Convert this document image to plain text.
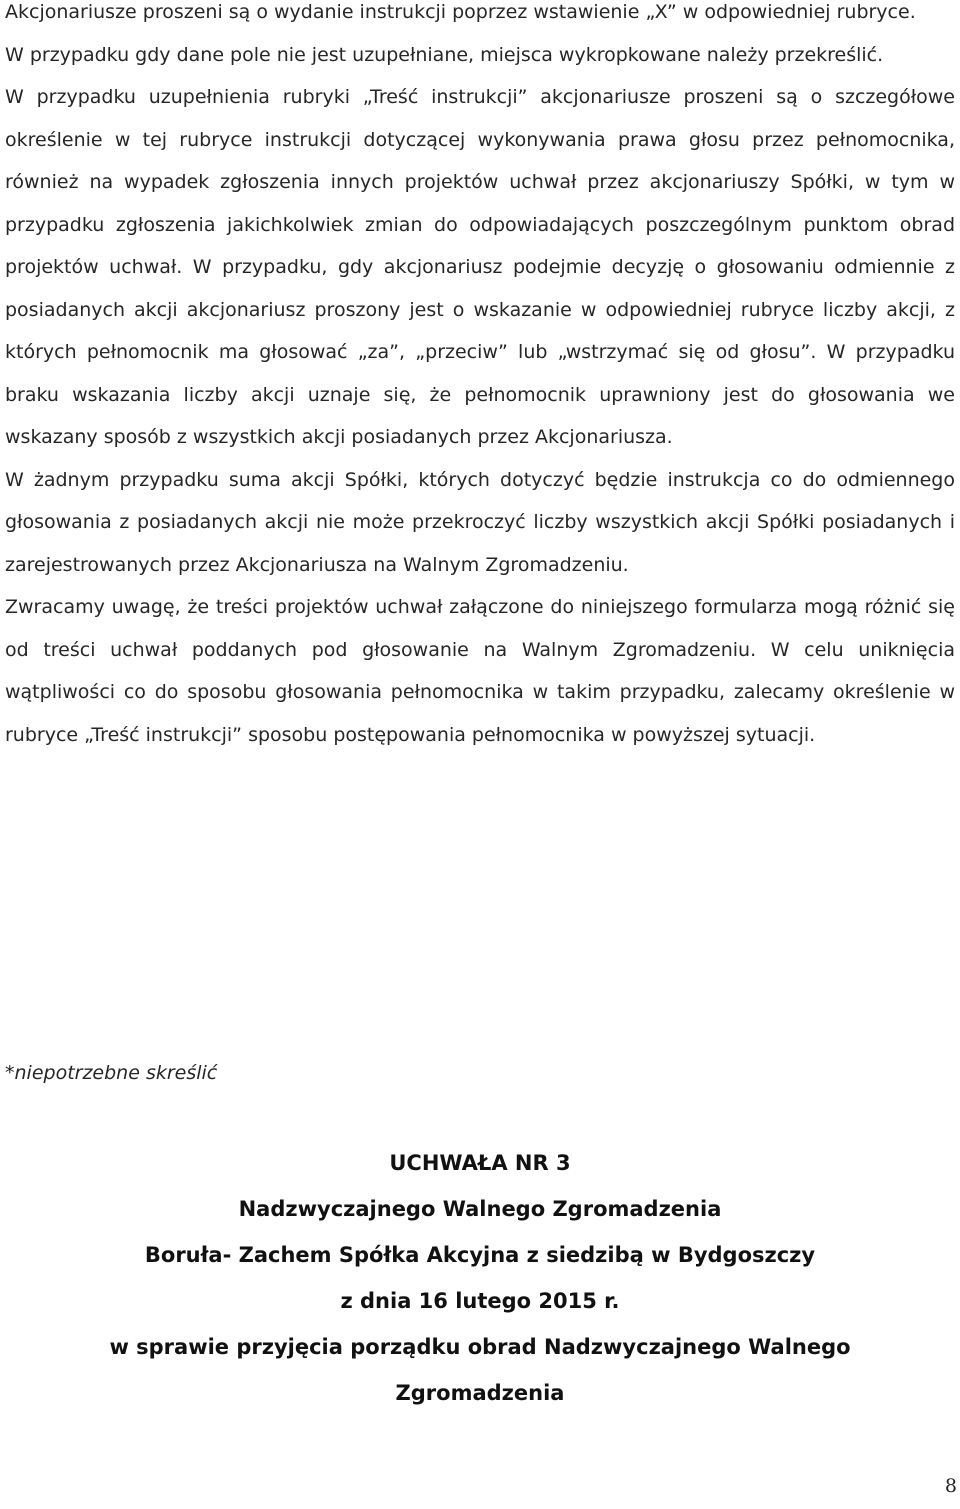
Akcjonariusze proszeni są o wydanie instrukcji poprzez wstawienie „X” w odpowiedniej rubryce.

W przypadku gdy dane pole nie jest uzupełniane, miejsca wykropkowane należy przekreślić.

W przypadku uzupełnienia rubryki „Treść instrukcji” akcjonariusze proszeni są o szczegółowe określenie w tej rubryce instrukcji dotyczącej wykonywania prawa głosu przez pełnomocnika, również na wypadek zgłoszenia innych projektów uchwał przez akcjonariuszy Spółki, w tym w przypadku zgłoszenia jakichkolwiek zmian do odpowiadających poszczególnym punktom obrad projektów uchwał. W przypadku, gdy akcjonariusz podejmie decyzję o głosowaniu odmiennie z posiadanych akcji akcjonariusz proszony jest o wskazanie w odpowiedniej rubryce liczby akcji, z których pełnomocnik ma głosować „za”, „przeciw” lub „wstrzymać się od głosu”. W przypadku braku wskazania liczby akcji uznaje się, że pełnomocnik uprawniony jest do głosowania we wskazany sposób z wszystkich akcji posiadanych przez Akcjonariusza.

W żadnym przypadku suma akcji Spółki, których dotyczyć będzie instrukcja co do odmiennego głosowania z posiadanych akcji nie może przekroczyć liczby wszystkich akcji Spółki posiadanych i zarejestrowanych przez Akcjonariusza na Walnym Zgromadzeniu.

Zwracamy uwagę, że treści projektów uchwał załączone do niniejszego formularza mogą różnić się od treści uchwał poddanych pod głosowanie na Walnym Zgromadzeniu. W celu uniknięcia wątpliwości co do sposobu głosowania pełnomocnika w takim przypadku, zalecamy określenie w rubryce „Treść instrukcji” sposobu postępowania pełnomocnika w powyższej sytuacji.

*niepotrzebne skreślić
UCHWAŁA NR 3
Nadzwyczajnego Walnego Zgromadzenia
Boruła- Zachem Spółka Akcyjna z siedzibą w Bydgoszczy
z dnia 16 lutego 2015 r.
w sprawie przyjęcia porządku obrad Nadzwyczajnego Walnego
Zgromadzenia
8
